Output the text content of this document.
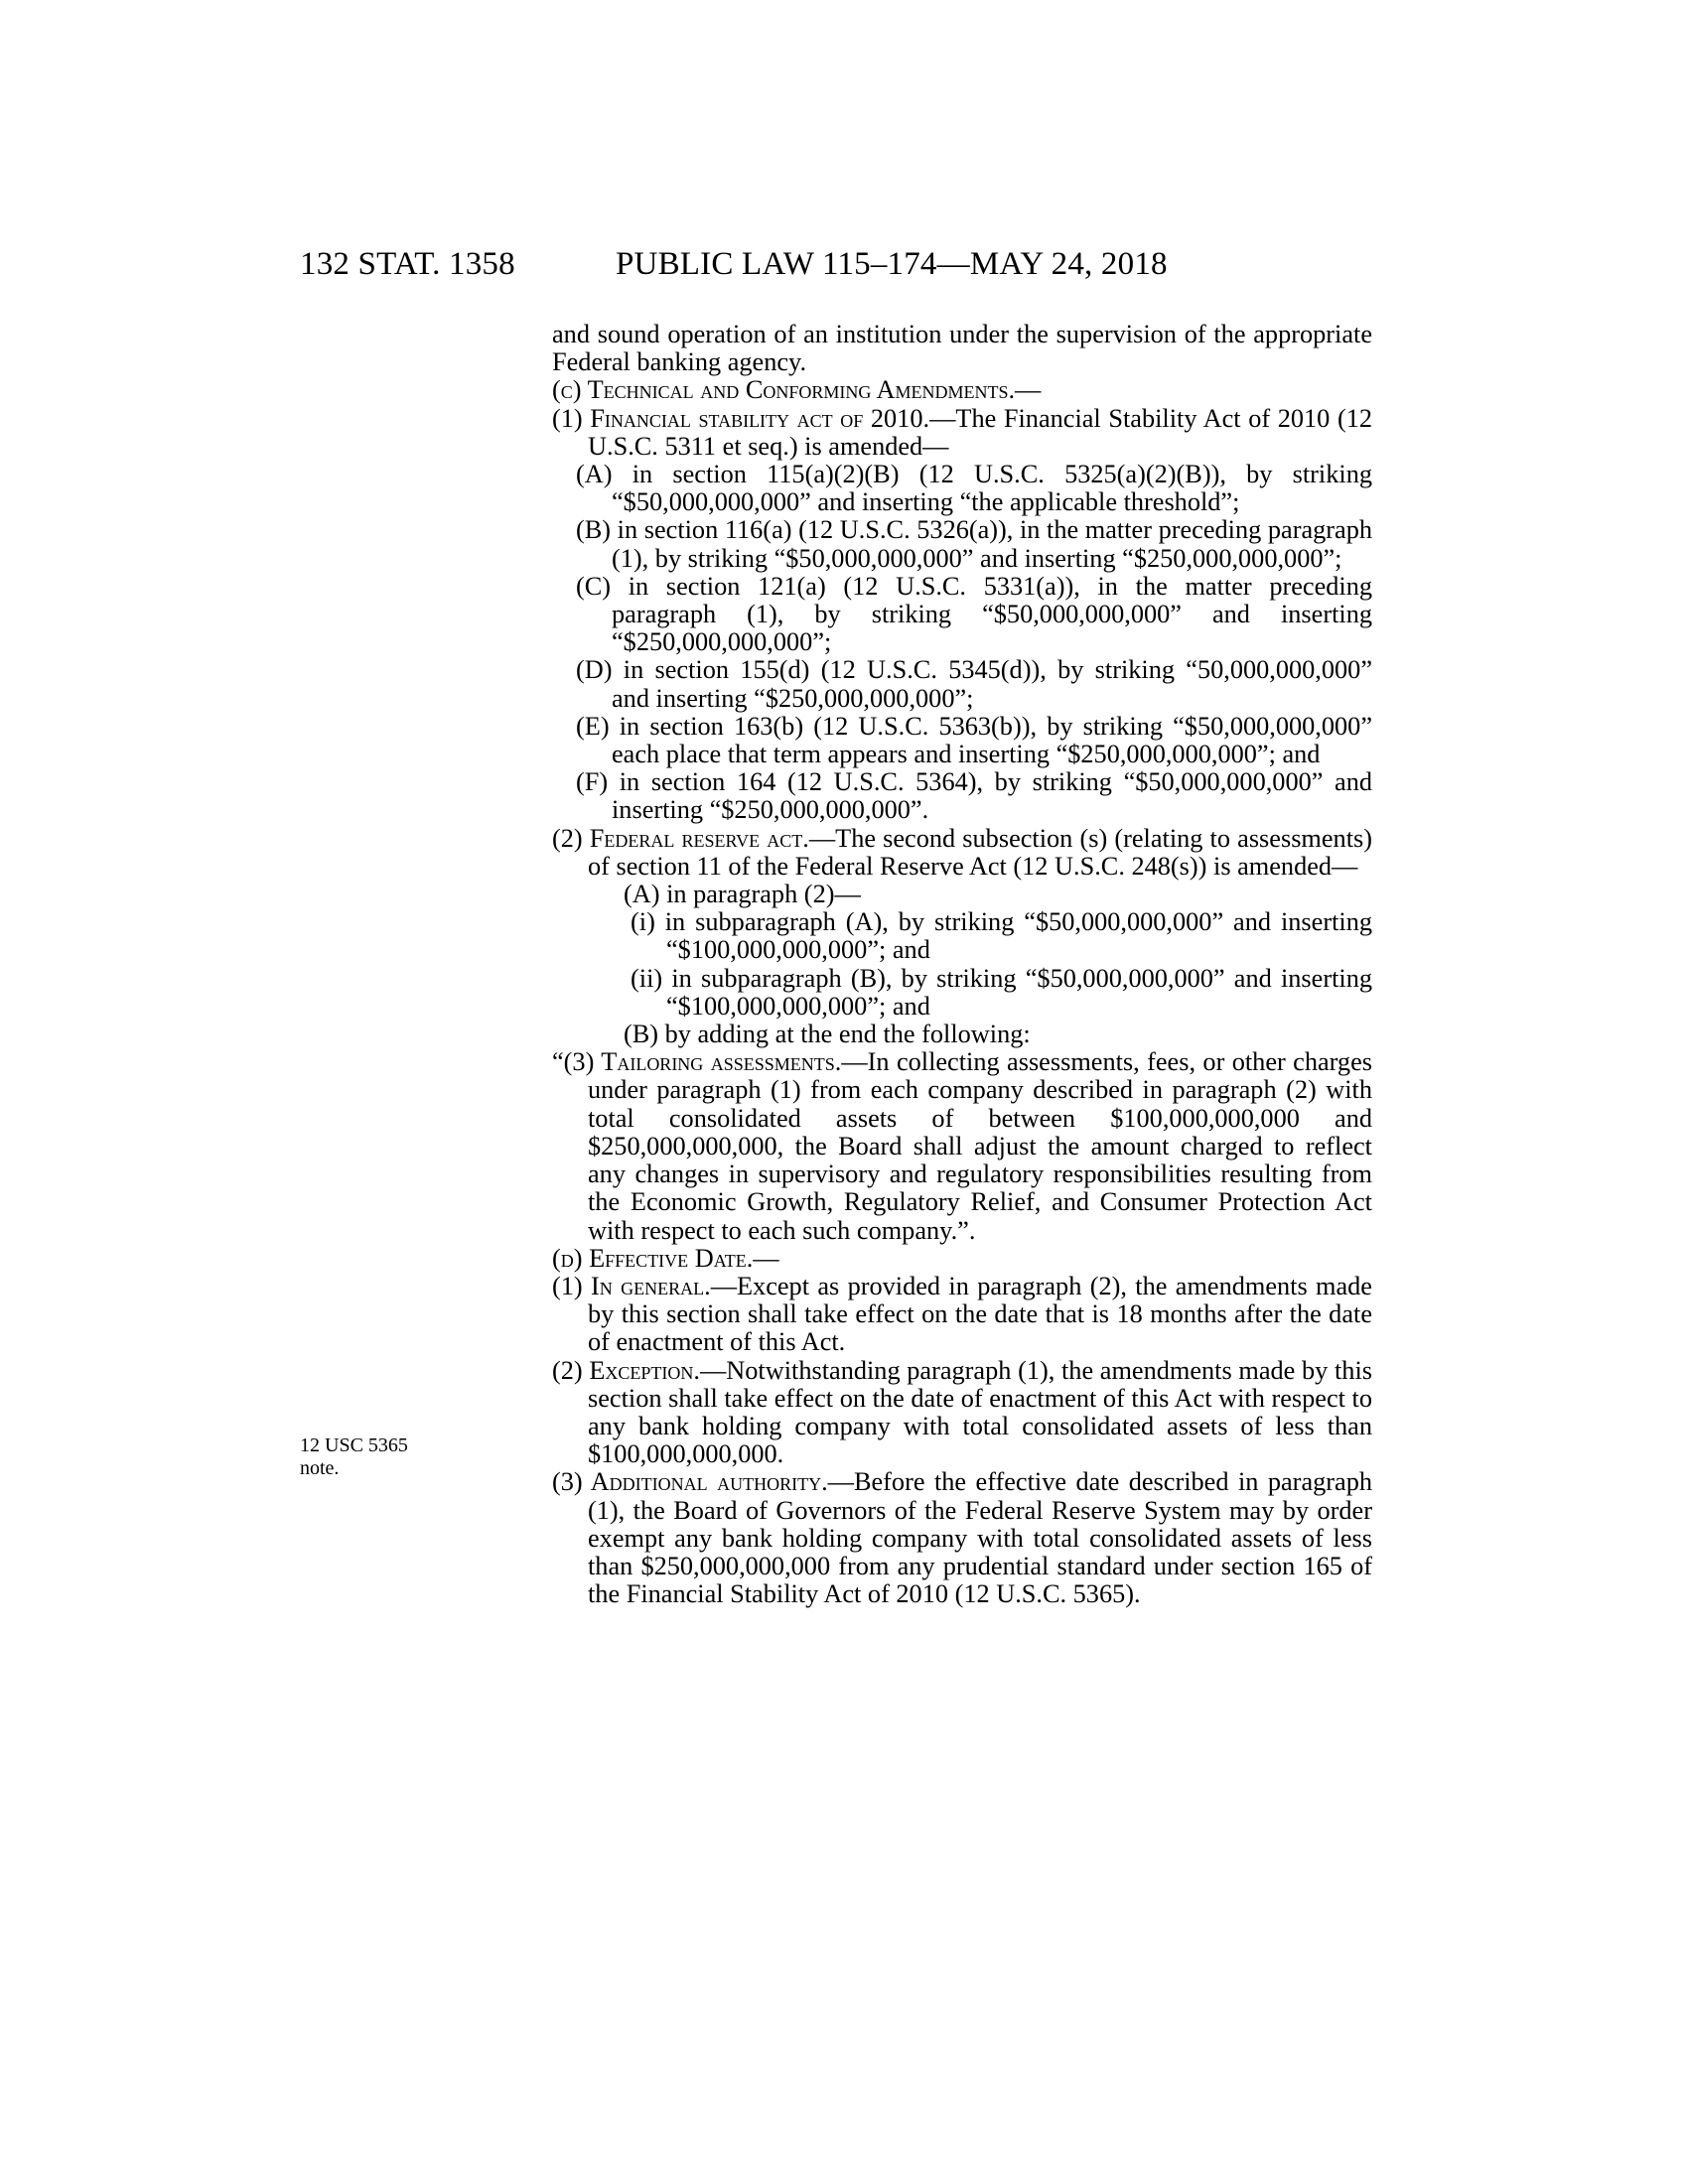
132 STAT. 1358	PUBLIC LAW 115–174—MAY 24, 2018
12 USC 5365
note.

and sound operation of an institution under the supervision of the appropriate Federal banking agency.

(c) Technical and Conforming Amendments.—

(1) Financial stability act of 2010.—The Financial Stability Act of 2010 (12 U.S.C. 5311 et seq.) is amended—

(A) in section 115(a)(2)(B) (12 U.S.C. 5325(a)(2)(B)), by striking “$50,000,000,000” and inserting “the applicable threshold”;

(B) in section 116(a) (12 U.S.C. 5326(a)), in the matter preceding paragraph (1), by striking “$50,000,000,000” and inserting “$250,000,000,000”;

(C) in section 121(a) (12 U.S.C. 5331(a)), in the matter preceding paragraph (1), by striking “$50,000,000,000” and inserting “$250,000,000,000”;

(D) in section 155(d) (12 U.S.C. 5345(d)), by striking “50,000,000,000” and inserting “$250,000,000,000”;

(E) in section 163(b) (12 U.S.C. 5363(b)), by striking “$50,000,000,000” each place that term appears and inserting “$250,000,000,000”; and

(F) in section 164 (12 U.S.C. 5364), by striking “$50,000,000,000” and inserting “$250,000,000,000”.

(2) Federal reserve act.—The second subsection (s) (relating to assessments) of section 11 of the Federal Reserve Act (12 U.S.C. 248(s)) is amended—

(A) in paragraph (2)—

(i) in subparagraph (A), by striking “$50,000,000,000” and inserting “$100,000,000,000”; and

(ii) in subparagraph (B), by striking “$50,000,000,000” and inserting “$100,000,000,000”; and

(B) by adding at the end the following:

“(3) Tailoring assessments.—In collecting assessments, fees, or other charges under paragraph (1) from each company described in paragraph (2) with total consolidated assets of between $100,000,000,000 and $250,000,000,000, the Board shall adjust the amount charged to reflect any changes in supervisory and regulatory responsibilities resulting from the Economic Growth, Regulatory Relief, and Consumer Protection Act with respect to each such company.”.

(d) Effective Date.—

(1) In general.—Except as provided in paragraph (2), the amendments made by this section shall take effect on the date that is 18 months after the date of enactment of this Act.

(2) Exception.—Notwithstanding paragraph (1), the amendments made by this section shall take effect on the date of enactment of this Act with respect to any bank holding company with total consolidated assets of less than $100,000,000,000.

(3) Additional authority.—Before the effective date described in paragraph (1), the Board of Governors of the Federal Reserve System may by order exempt any bank holding company with total consolidated assets of less than $250,000,000,000 from any prudential standard under section 165 of the Financial Stability Act of 2010 (12 U.S.C. 5365).
